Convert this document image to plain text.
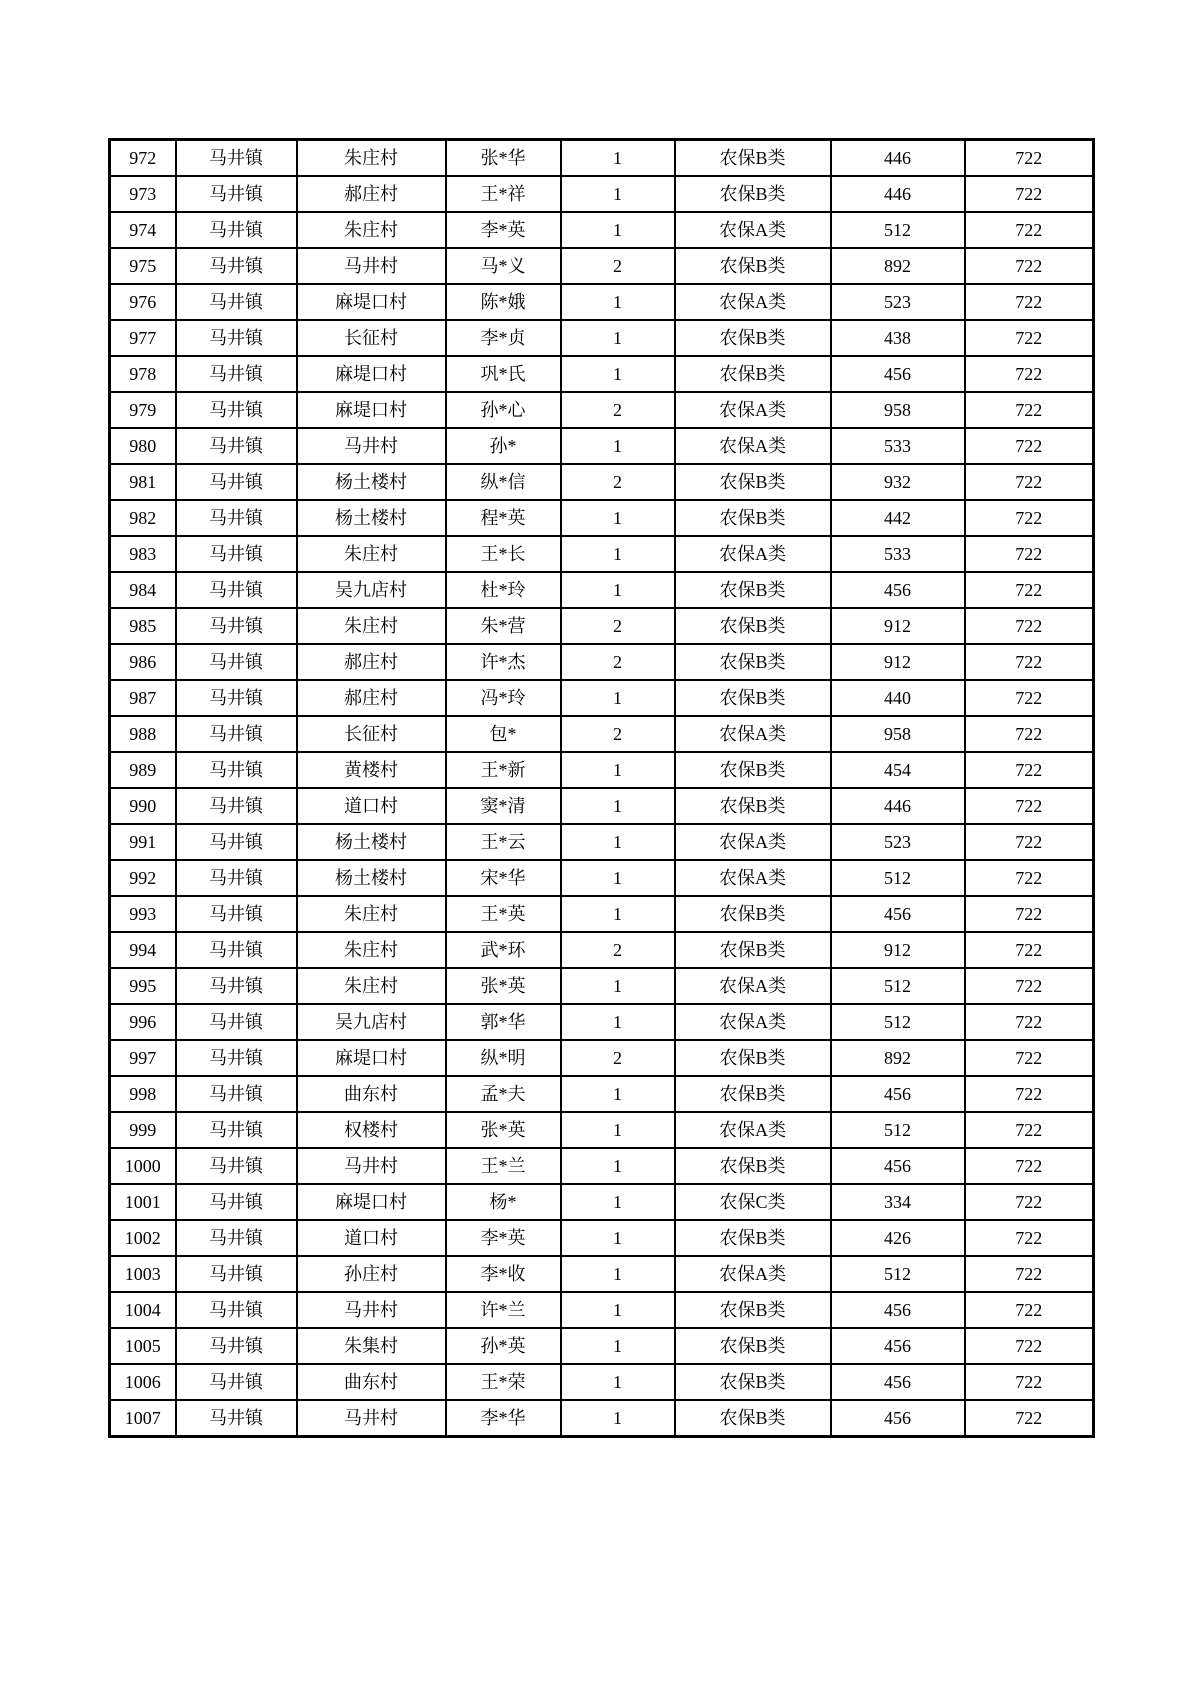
972	马井镇	朱庄村	张*华	1	农保B类	446	722
973	马井镇	郝庄村	王*祥	1	农保B类	446	722
974	马井镇	朱庄村	李*英	1	农保A类	512	722
975	马井镇	马井村	马*义	2	农保B类	892	722
976	马井镇	麻堤口村	陈*娥	1	农保A类	523	722
977	马井镇	长征村	李*贞	1	农保B类	438	722
978	马井镇	麻堤口村	巩*氏	1	农保B类	456	722
979	马井镇	麻堤口村	孙*心	2	农保A类	958	722
980	马井镇	马井村	孙*	1	农保A类	533	722
981	马井镇	杨土楼村	纵*信	2	农保B类	932	722
982	马井镇	杨土楼村	程*英	1	农保B类	442	722
983	马井镇	朱庄村	王*长	1	农保A类	533	722
984	马井镇	吴九店村	杜*玲	1	农保B类	456	722
985	马井镇	朱庄村	朱*营	2	农保B类	912	722
986	马井镇	郝庄村	许*杰	2	农保B类	912	722
987	马井镇	郝庄村	冯*玲	1	农保B类	440	722
988	马井镇	长征村	包*	2	农保A类	958	722
989	马井镇	黄楼村	王*新	1	农保B类	454	722
990	马井镇	道口村	窦*清	1	农保B类	446	722
991	马井镇	杨土楼村	王*云	1	农保A类	523	722
992	马井镇	杨土楼村	宋*华	1	农保A类	512	722
993	马井镇	朱庄村	王*英	1	农保B类	456	722
994	马井镇	朱庄村	武*环	2	农保B类	912	722
995	马井镇	朱庄村	张*英	1	农保A类	512	722
996	马井镇	吴九店村	郭*华	1	农保A类	512	722
997	马井镇	麻堤口村	纵*明	2	农保B类	892	722
998	马井镇	曲东村	孟*夫	1	农保B类	456	722
999	马井镇	权楼村	张*英	1	农保A类	512	722
1000	马井镇	马井村	王*兰	1	农保B类	456	722
1001	马井镇	麻堤口村	杨*	1	农保C类	334	722
1002	马井镇	道口村	李*英	1	农保B类	426	722
1003	马井镇	孙庄村	李*收	1	农保A类	512	722
1004	马井镇	马井村	许*兰	1	农保B类	456	722
1005	马井镇	朱集村	孙*英	1	农保B类	456	722
1006	马井镇	曲东村	王*荣	1	农保B类	456	722
1007	马井镇	马井村	李*华	1	农保B类	456	722
